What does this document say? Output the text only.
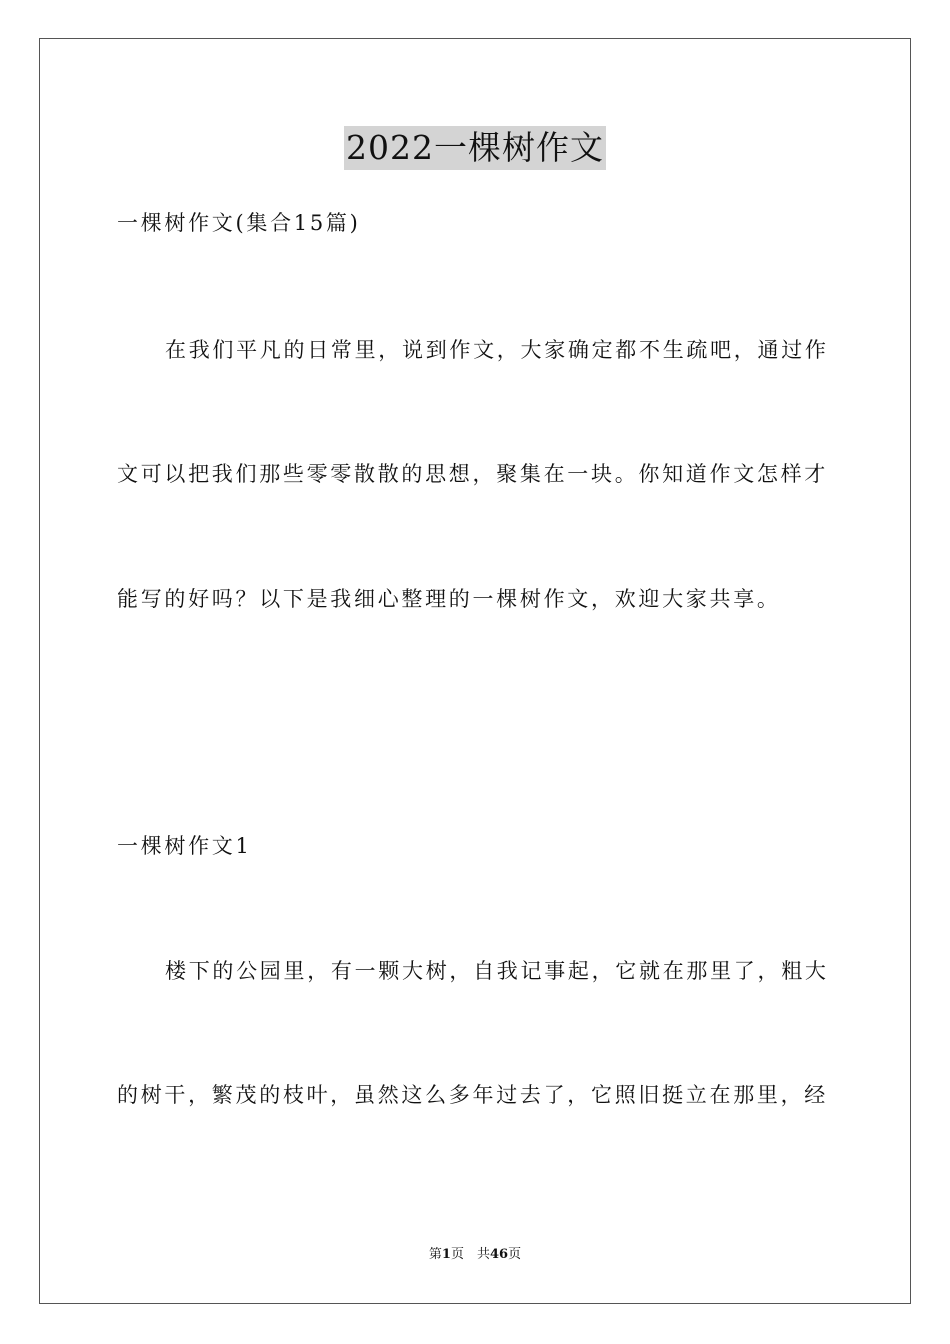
2022一棵树作文
一棵树作文(集合15篇)
在我们平凡的日常里，说到作文，大家确定都不生疏吧，通过作
文可以把我们那些零零散散的思想，聚集在一块。你知道作文怎样才
能写的好吗？以下是我细心整理的一棵树作文，欢迎大家共享。
一棵树作文1
楼下的公园里，有一颗大树，自我记事起，它就在那里了，粗大
的树干，繁茂的枝叶，虽然这么多年过去了，它照旧挺立在那里，经
第1页　共46页
